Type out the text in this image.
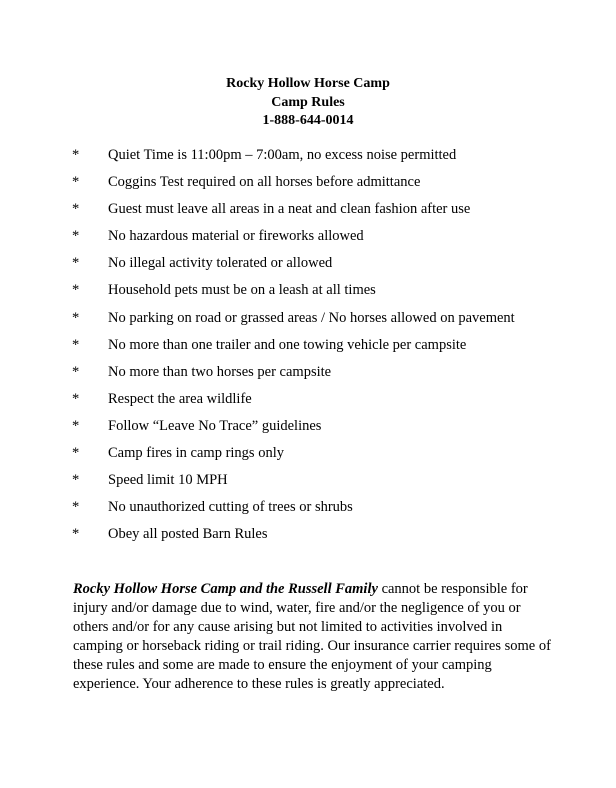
Rocky Hollow Horse Camp
Camp Rules
1-888-644-0014
* Quiet Time is 11:00pm – 7:00am, no excess noise permitted
* Coggins Test required on all horses before admittance
* Guest must leave all areas in a neat and clean fashion after use
* No hazardous material or fireworks allowed
* No illegal activity tolerated or allowed
* Household pets must be on a leash at all times
* No parking on road or grassed areas / No horses allowed on pavement
* No more than one trailer and one towing vehicle per campsite
* No more than two horses per campsite
* Respect the area wildlife
* Follow “Leave No Trace” guidelines
* Camp fires in camp rings only
* Speed limit 10 MPH
* No unauthorized cutting of trees or shrubs
* Obey all posted Barn Rules

Rocky Hollow Horse Camp and the Russell Family cannot be responsible for injury and/or damage due to wind, water, fire and/or the negligence of you or others and/or for any cause arising but not limited to activities involved in camping or horseback riding or trail riding. Our insurance carrier requires some of these rules and some are made to ensure the enjoyment of your camping experience. Your adherence to these rules is greatly appreciated.
